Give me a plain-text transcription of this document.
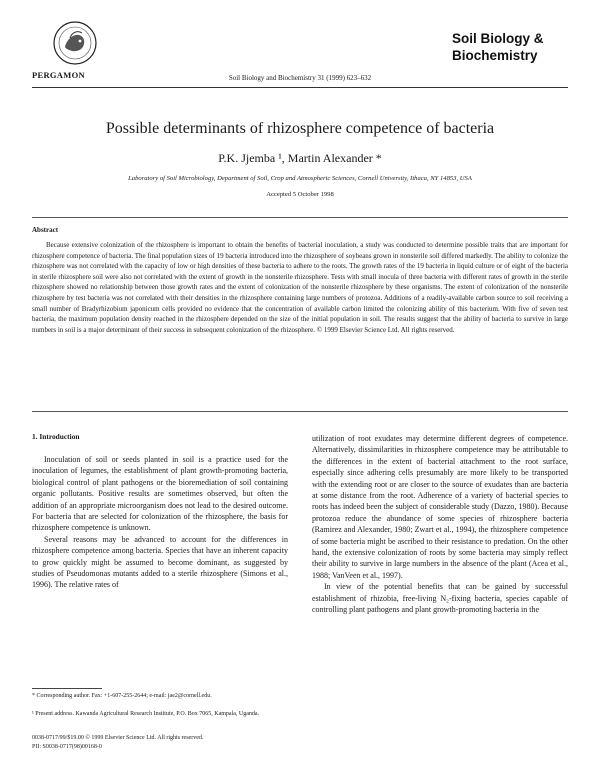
PERGAMON	Soil Biology and Biochemistry 31 (1999) 623–632
Soil Biology &
Biochemistry
Possible determinants of rhizosphere competence of bacteria
P.K. Jjemba ¹, Martin Alexander *
Laboratory of Soil Microbiology, Department of Soil, Crop and Atmospheric Sciences, Cornell University, Ithaca, NY 14853, USA
Accepted 5 October 1998
Abstract

Because extensive colonization of the rhizosphere is important to obtain the benefits of bacterial inoculation, a study was conducted to determine possible traits that are important for rhizosphere competence of bacteria. The final population sizes of 19 bacteria introduced into the rhizosphere of soybeans grown in nonsterile soil differed markedly. The ability to colonize the rhizosphere was not correlated with the capacity of low or high densities of these bacteria to adhere to the roots. The growth rates of the 19 bacteria in liquid culture or of eight of the bacteria in sterile rhizosphere soil were also not correlated with the extent of growth in the nonsterile rhizosphere. Tests with small inocula of three bacteria with different rates of growth in the sterile rhizosphere showed no relationship between those growth rates and the extent of colonization of the nonsterile rhizosphere by these organisms. The extent of colonization of the nonsterile rhizosphere by test bacteria was not correlated with their densities in the rhizosphere containing large numbers of protozoa. Additions of a readily-available carbon source to soil receiving a small number of Bradyrhizobium japonicum cells provided no evidence that the concentration of available carbon limited the colonizing ability of this bacterium. With five of seven test bacteria, the maximum population density reached in the rhizosphere depended on the size of the initial population in soil. The results suggest that the ability of bacteria to survive in large numbers in soil is a major determinant of their success in subsequent colonization of the rhizosphere. © 1999 Elsevier Science Ltd. All rights reserved.

1. Introduction

Inoculation of soil or seeds planted in soil is a practice used for the inoculation of legumes, the establishment of plant growth-promoting bacteria, biological control of plant pathogens or the bioremediation of soil containing organic pollutants. Positive results are sometimes observed, but often the addition of an appropriate microorganism does not lead to the desired outcome. For bacteria that are selected for colonization of the rhizosphere, the basis for rhizosphere competence is unknown.

Several reasons may be advanced to account for the differences in rhizosphere competence among bacteria. Species that have an inherent capacity to grow quickly might be assumed to become dominant, as suggested by studies of Pseudomonas mutants added to a sterile rhizosphere (Simons et al., 1996). The relative rates of

utilization of root exudates may determine different degrees of competence. Alternatively, dissimilarities in rhizosphere competence may be attributable to the differences in the extent of bacterial attachment to the root surface, especially since adhering cells presumably are more likely to be transported with the extending root or are closer to the source of exudates than are bacteria at some distance from the root. Adherence of a variety of bacterial species to roots has indeed been the subject of considerable study (Dazzo, 1980). Because protozoa reduce the abundance of some species of rhizosphere bacteria (Ramirez and Alexander, 1980; Zwart et al., 1994), the rhizosphere competence of some bacteria might be ascribed to their resistance to predation. On the other hand, the extensive colonization of roots by some bacteria may simply reflect their ability to survive in large numbers in the absence of the plant (Acea et al., 1988; VanVeen et al., 1997).

In view of the potential benefits that can be gained by successful establishment of rhizobia, free-living N₂-fixing bacteria, species capable of controlling plant pathogens and plant growth-promoting bacteria in the

* Corresponding author. Fax: +1-607-255-2644; e-mail: jae2@cornell.edu.
¹ Present address. Kawanda Agricultural Research Institute, P.O. Box 7065, Kampala, Uganda.
0038-0717/99/$19.00 © 1999 Elsevier Science Ltd. All rights reserved.
PII: S0038-0717(98)00168-0
